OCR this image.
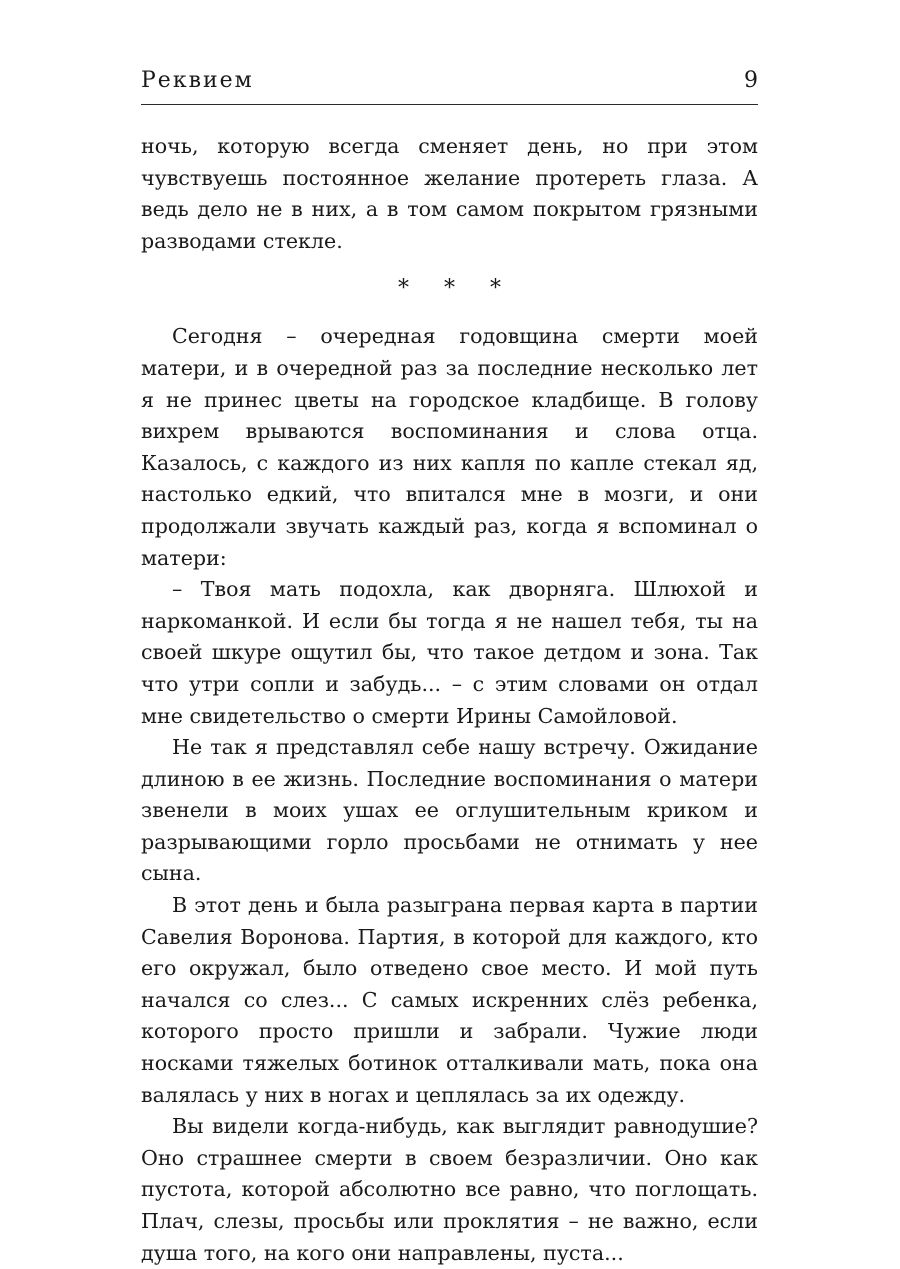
Реквием	9

ночь, которую всегда сменяет день, но при этом чувствуешь постоянное желание протереть глаза. А ведь дело не в них, а в том самом покрытом грязными разводами стекле.

* * *

Сегодня – очередная годовщина смерти моей матери, и в очередной раз за последние несколько лет я не принес цветы на городское кладбище. В голову вихрем врываются воспоминания и слова отца. Казалось, с каждого из них капля по капле стекал яд, настолько едкий, что впитался мне в мозги, и они продолжали звучать каждый раз, когда я вспоминал о матери:

– Твоя мать подохла, как дворняга. Шлюхой и наркоманкой. И если бы тогда я не нашел тебя, ты на своей шкуре ощутил бы, что такое детдом и зона. Так что утри сопли и забудь... – с этим словами он отдал мне свидетельство о смерти Ирины Самойловой.

Не так я представлял себе нашу встречу. Ожидание длиною в ее жизнь. Последние воспоминания о матери звенели в моих ушах ее оглушительным криком и разрывающими горло просьбами не отнимать у нее сына.

В этот день и была разыграна первая карта в партии Савелия Воронова. Партия, в которой для каждого, кто его окружал, было отведено свое место. И мой путь начался со слез... С самых искренних слёз ребенка, которого просто пришли и забрали. Чужие люди носками тяжелых ботинок отталкивали мать, пока она валялась у них в ногах и цеплялась за их одежду.

Вы видели когда-нибудь, как выглядит равнодушие? Оно страшнее смерти в своем безразличии. Оно как пустота, которой абсолютно все равно, что поглощать. Плач, слезы, просьбы или проклятия – не важно, если душа того, на кого они направлены, пуста...
